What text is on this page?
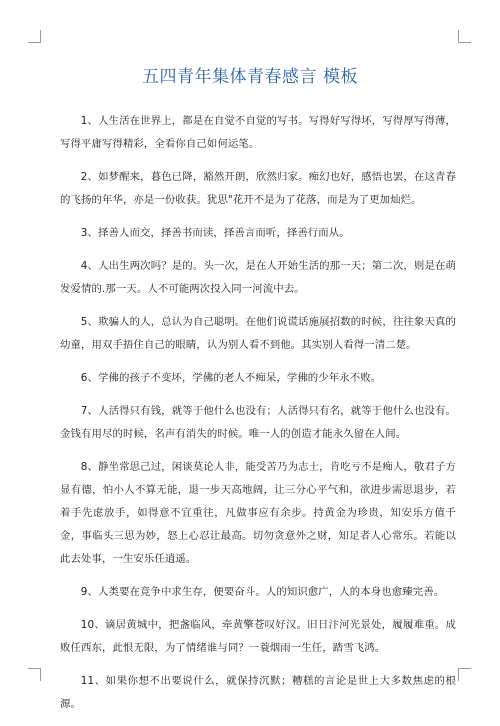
五四青年集体青春感言 模板

1、人生活在世界上，都是在自觉不自觉的写书。写得好写得坏，写得厚写得薄，写得平庸写得精彩，全看你自己如何运笔。

2、如梦醒来，暮色已降，豁然开朗，欣然归家。痴幻也好，感悟也罢，在这青春的飞扬的年华，亦是一份收获。犹思"花开不是为了花落，而是为了更加灿烂。

3、择善人而交，择善书而读，择善言而听，择善行而从。

4、人出生两次吗？是的。头一次，是在人开始生活的那一天；第二次，则是在萌发爱情的.那一天。人不可能两次投入同一河流中去。

5、欺骗人的人，总认为自己聪明。在他们说谎话施展招数的时候，往往象天真的幼童，用双手捂住自己的眼睛，认为别人看不到他。其实别人看得一清二楚。

6、学佛的孩子不变坏，学佛的老人不痴呆，学佛的少年永不败。

7、人活得只有钱，就等于他什么也没有；人活得只有名，就等于他什么也没有。金钱有用尽的时候，名声有消失的时候。唯一人的创造才能永久留在人间。

8、静坐常思己过，闲谈莫论人非，能受苦乃为志士，肯吃亏不是痴人，敬君子方显有德，怕小人不算无能，退一步天高地阔，让三分心平气和，欲进步需思退步，若着手先虑放手，如得意不宜重往，凡做事应有余步。持黄金为珍贵，知安乐方值千金，事临头三思为妙，怒上心忍让最高。切勿贪意外之财，知足者人心常乐。若能以此去处事，一生安乐任逍遥。

9、人类要在竞争中求生存，便要奋斗。人的知识愈广，人的本身也愈臻完善。

10、谪居黄城中，把盏临风，牵黄擎苍叹好汉。旧日汴河光景处，履履难重。成败任西东，此恨无限，为了情绪谁与同？一蓑烟雨一生任，踏雪飞鸿。

11、如果你想不出要说什么，就保持沉默；糟糕的言论是世上大多数焦虑的根源。
